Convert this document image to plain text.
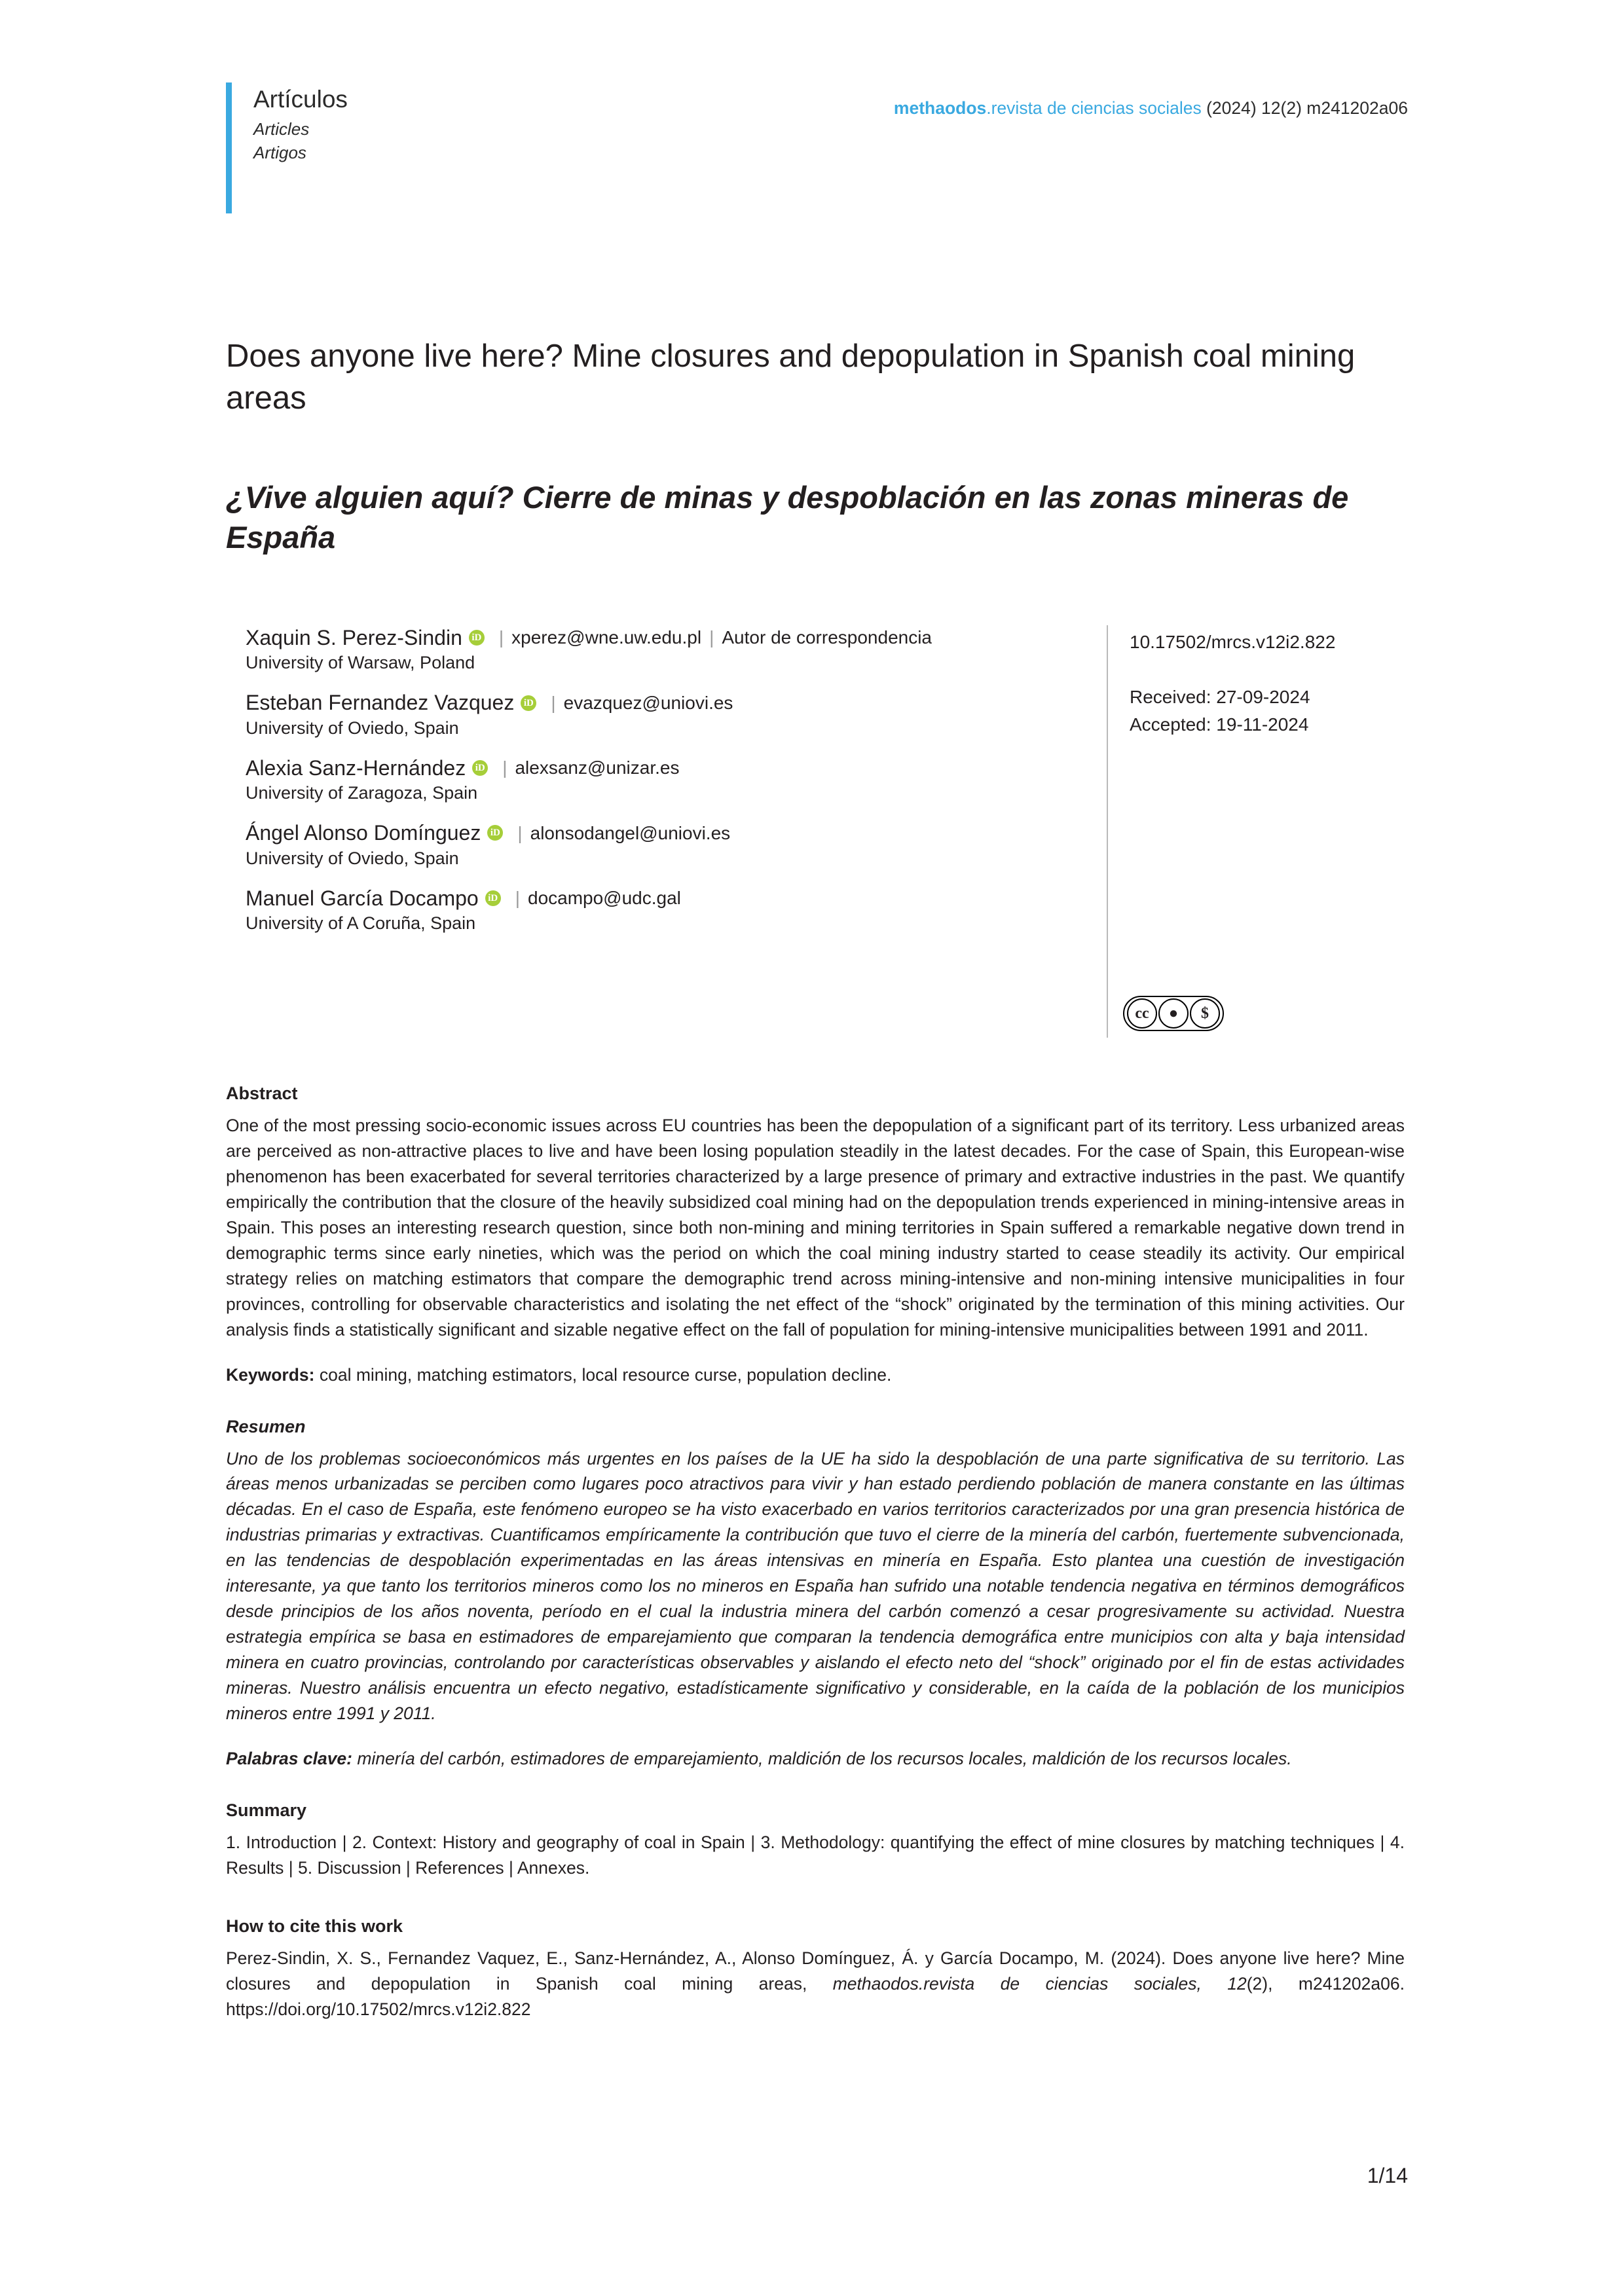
Artículos
Articles
Artigos
methaodos.revista de ciencias sociales (2024) 12(2) m241202a06
Does anyone live here? Mine closures and depopulation in Spanish coal mining areas
¿Vive alguien aquí? Cierre de minas y despoblación en las zonas mineras de España
Xaquin S. Perez-Sindin iD | xperez@wne.uw.edu.pl | Autor de correspondencia
University of Warsaw, Poland
Esteban Fernandez Vazquez iD | evazquez@uniovi.es
University of Oviedo, Spain
Alexia Sanz-Hernández iD | alexsanz@unizar.es
University of Zaragoza, Spain
Ángel Alonso Domínguez iD | alonsodangel@uniovi.es
University of Oviedo, Spain
Manuel García Docampo iD | docampo@udc.gal
University of A Coruña, Spain
10.17502/mrcs.v12i2.822
Received: 27-09-2024
Accepted: 19-11-2024
cc	●	$
Abstract

One of the most pressing socio-economic issues across EU countries has been the depopulation of a significant part of its territory. Less urbanized areas are perceived as non-attractive places to live and have been losing population steadily in the latest decades. For the case of Spain, this European-wise phenomenon has been exacerbated for several territories characterized by a large presence of primary and extractive industries in the past. We quantify empirically the contribution that the closure of the heavily subsidized coal mining had on the depopulation trends experienced in mining-intensive areas in Spain. This poses an interesting research question, since both non-mining and mining territories in Spain suffered a remarkable negative down trend in demographic terms since early nineties, which was the period on which the coal mining industry started to cease steadily its activity. Our empirical strategy relies on matching estimators that compare the demographic trend across mining-intensive and non-mining intensive municipalities in four provinces, controlling for observable characteristics and isolating the net effect of the “shock” originated by the termination of this mining activities. Our analysis finds a statistically significant and sizable negative effect on the fall of population for mining-intensive municipalities between 1991 and 2011.

Keywords: coal mining, matching estimators, local resource curse, population decline.
Resumen

Uno de los problemas socioeconómicos más urgentes en los países de la UE ha sido la despoblación de una parte significativa de su territorio. Las áreas menos urbanizadas se perciben como lugares poco atractivos para vivir y han estado perdiendo población de manera constante en las últimas décadas. En el caso de España, este fenómeno europeo se ha visto exacerbado en varios territorios caracterizados por una gran presencia histórica de industrias primarias y extractivas. Cuantificamos empíricamente la contribución que tuvo el cierre de la minería del carbón, fuertemente subvencionada, en las tendencias de despoblación experimentadas en las áreas intensivas en minería en España. Esto plantea una cuestión de investigación interesante, ya que tanto los territorios mineros como los no mineros en España han sufrido una notable tendencia negativa en términos demográficos desde principios de los años noventa, período en el cual la industria minera del carbón comenzó a cesar progresivamente su actividad. Nuestra estrategia empírica se basa en estimadores de emparejamiento que comparan la tendencia demográfica entre municipios con alta y baja intensidad minera en cuatro provincias, controlando por características observables y aislando el efecto neto del “shock” originado por el fin de estas actividades mineras. Nuestro análisis encuentra un efecto negativo, estadísticamente significativo y considerable, en la caída de la población de los municipios mineros entre 1991 y 2011.

Palabras clave: minería del carbón, estimadores de emparejamiento, maldición de los recursos locales, maldición de los recursos locales.
Summary

1. Introduction | 2. Context: History and geography of coal in Spain | 3. Methodology: quantifying the effect of mine closures by matching techniques | 4. Results | 5. Discussion | References | Annexes.

How to cite this work

Perez-Sindin, X. S., Fernandez Vaquez, E., Sanz-Hernández, A., Alonso Domínguez, Á. y García Docampo, M. (2024). Does anyone live here? Mine closures and depopulation in Spanish coal mining areas, methaodos.revista de ciencias sociales, 12(2), m241202a06. https://doi.org/10.17502/mrcs.v12i2.822

1/14
